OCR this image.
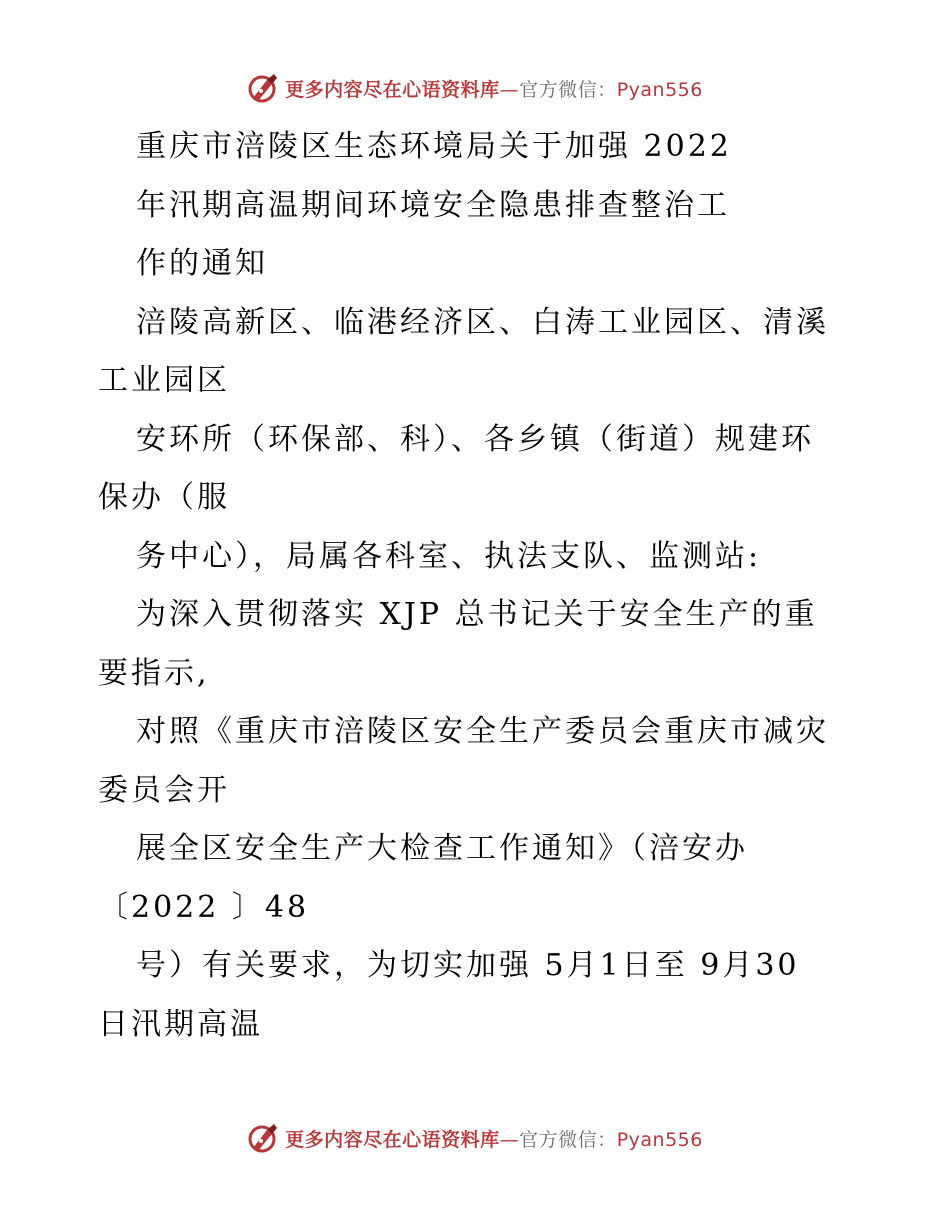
更多内容尽在心语资料库—官方微信：Pyan556
重庆市涪陵区生态环境局关于加强 2022
年汛期高温期间环境安全隐患排查整治工
作的通知
涪陵高新区、临港经济区、白涛工业园区、清溪
工业园区
安环所（环保部、科）、各乡镇（街道）规建环
保办（服
务中心），局属各科室、执法支队、监测站:
为深入贯彻落实 XJP 总书记关于安全生产的重
要指示,
对照《重庆市涪陵区安全生产委员会重庆市减灾
委员会开
展全区安全生产大检查工作通知》（涪安办
〔2022 〕48
号）有关要求，为切实加强 5月1日至 9月30
日汛期高温
更多内容尽在心语资料库—官方微信：Pyan556
